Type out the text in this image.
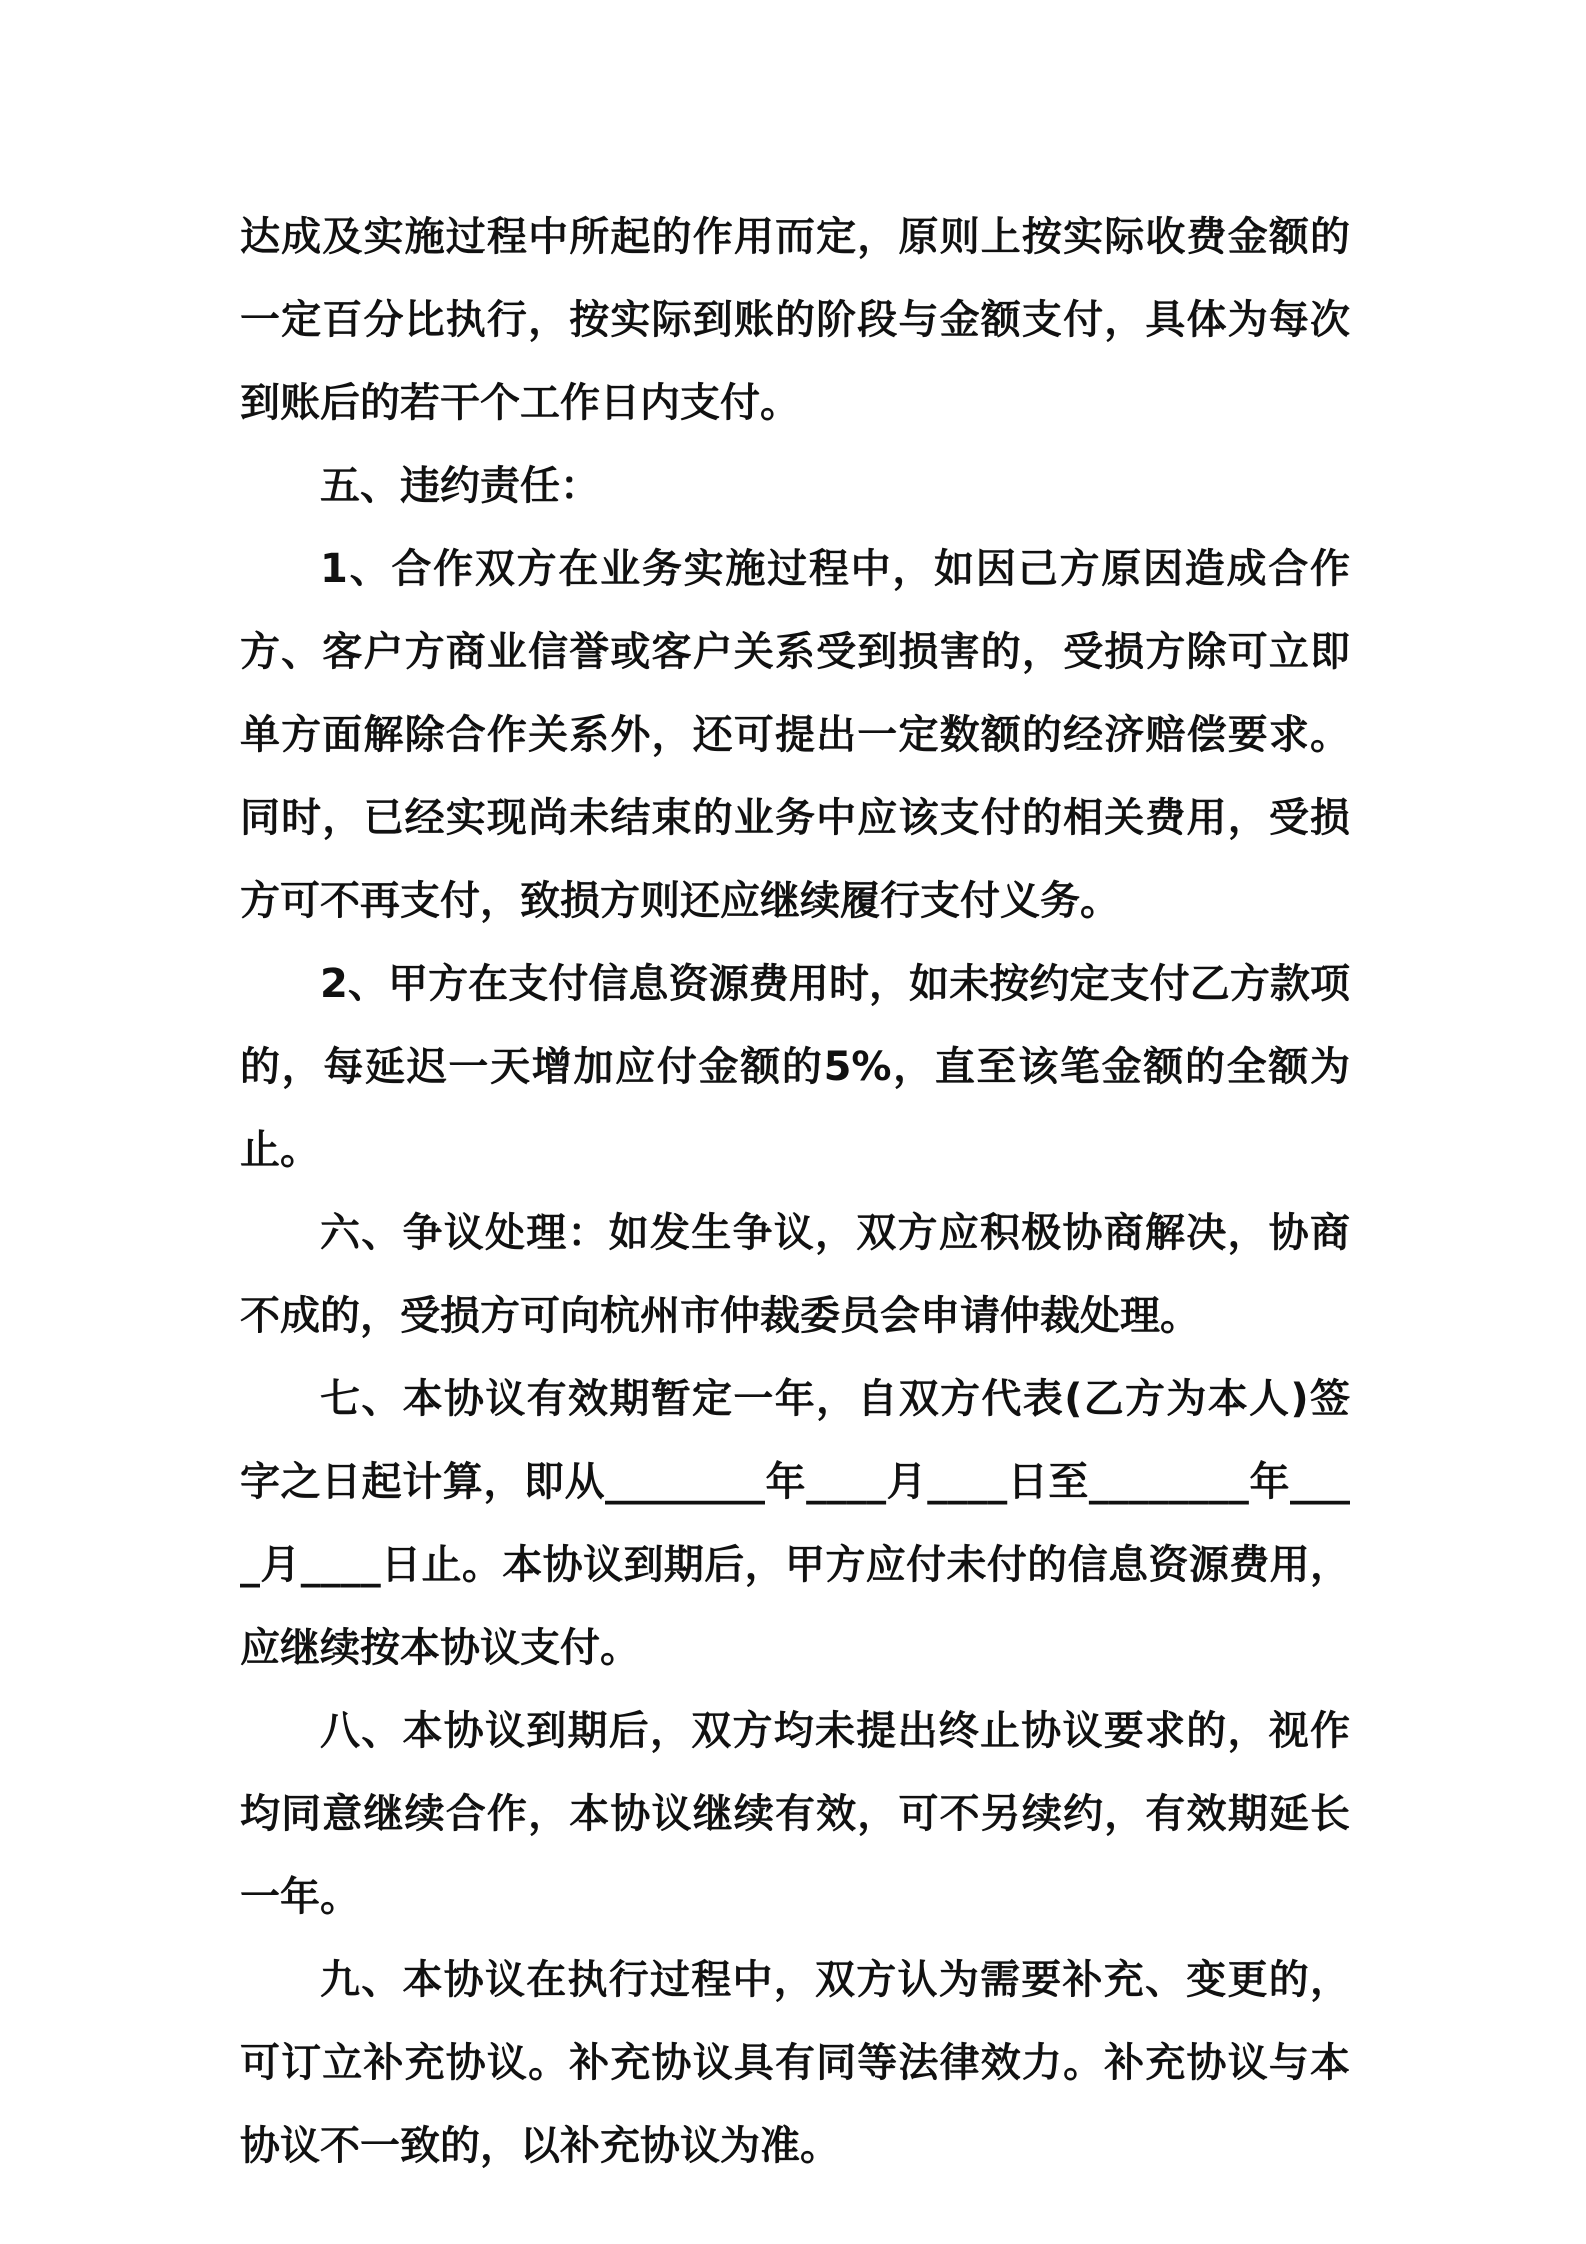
达成及实施过程中所起的作用而定，原则上按实际收费金额的一定百分比执行，按实际到账的阶段与金额支付，具体为每次到账后的若干个工作日内支付。

五、违约责任：

1、合作双方在业务实施过程中，如因己方原因造成合作方、客户方商业信誉或客户关系受到损害的，受损方除可立即单方面解除合作关系外，还可提出一定数额的经济赔偿要求。同时，已经实现尚未结束的业务中应该支付的相关费用，受损方可不再支付，致损方则还应继续履行支付义务。

2、甲方在支付信息资源费用时，如未按约定支付乙方款项的，每延迟一天增加应付金额的5%，直至该笔金额的全额为止。

六、争议处理：如发生争议，双方应积极协商解决，协商不成的，受损方可向杭州市仲裁委员会申请仲裁处理。

七、本协议有效期暂定一年，自双方代表(乙方为本人)签字之日起计算，即从________年____月____日至________年____月____日止。本协议到期后，甲方应付未付的信息资源费用，应继续按本协议支付。

八、本协议到期后，双方均未提出终止协议要求的，视作均同意继续合作，本协议继续有效，可不另续约，有效期延长一年。

九、本协议在执行过程中，双方认为需要补充、变更的，可订立补充协议。补充协议具有同等法律效力。补充协议与本协议不一致的，以补充协议为准。
